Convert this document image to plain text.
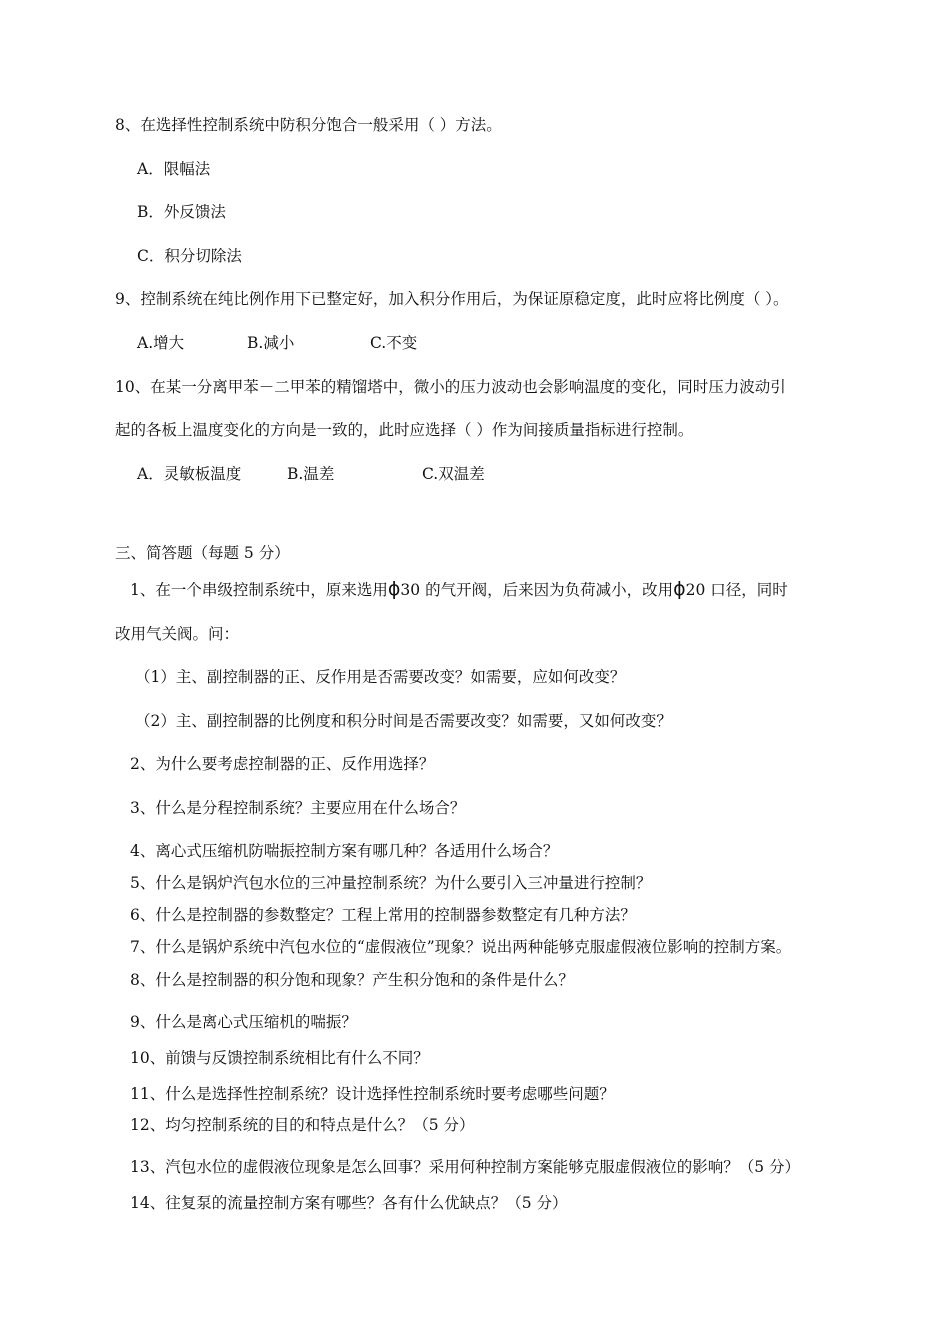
8、在选择性控制系统中防积分饱合一般采用（ ）方法。
A．限幅法
B．外反馈法
C．积分切除法
9、控制系统在纯比例作用下已整定好，加入积分作用后，为保证原稳定度，此时应将比例度（ ）。
A.增大	B.减小	C.不变
10、在某一分离甲苯－二甲苯的精馏塔中，微小的压力波动也会影响温度的变化，同时压力波动引
起的各板上温度变化的方向是一致的，此时应选择（ ）作为间接质量指标进行控制。
A．灵敏板温度	B.温差	C.双温差
三、简答题（每题 5 分）
1、在一个串级控制系统中，原来选用ϕ30 的气开阀，后来因为负荷减小，改用ϕ20 口径，同时
改用气关阀。问：
（1）主、副控制器的正、反作用是否需要改变？如需要，应如何改变？
（2）主、副控制器的比例度和积分时间是否需要改变？如需要，又如何改变？
2、为什么要考虑控制器的正、反作用选择？
3、什么是分程控制系统？主要应用在什么场合？
4、离心式压缩机防喘振控制方案有哪几种？各适用什么场合？
5、什么是锅炉汽包水位的三冲量控制系统？为什么要引入三冲量进行控制？
6、什么是控制器的参数整定？工程上常用的控制器参数整定有几种方法？
7、什么是锅炉系统中汽包水位的“虚假液位”现象？说出两种能够克服虚假液位影响的控制方案。
8、什么是控制器的积分饱和现象？产生积分饱和的条件是什么？
9、什么是离心式压缩机的喘振？
10、前馈与反馈控制系统相比有什么不同？
11、什么是选择性控制系统？设计选择性控制系统时要考虑哪些问题？
12、均匀控制系统的目的和特点是什么？（5 分）
13、汽包水位的虚假液位现象是怎么回事？采用何种控制方案能够克服虚假液位的影响？（5 分）
14、往复泵的流量控制方案有哪些？各有什么优缺点？（5 分）
